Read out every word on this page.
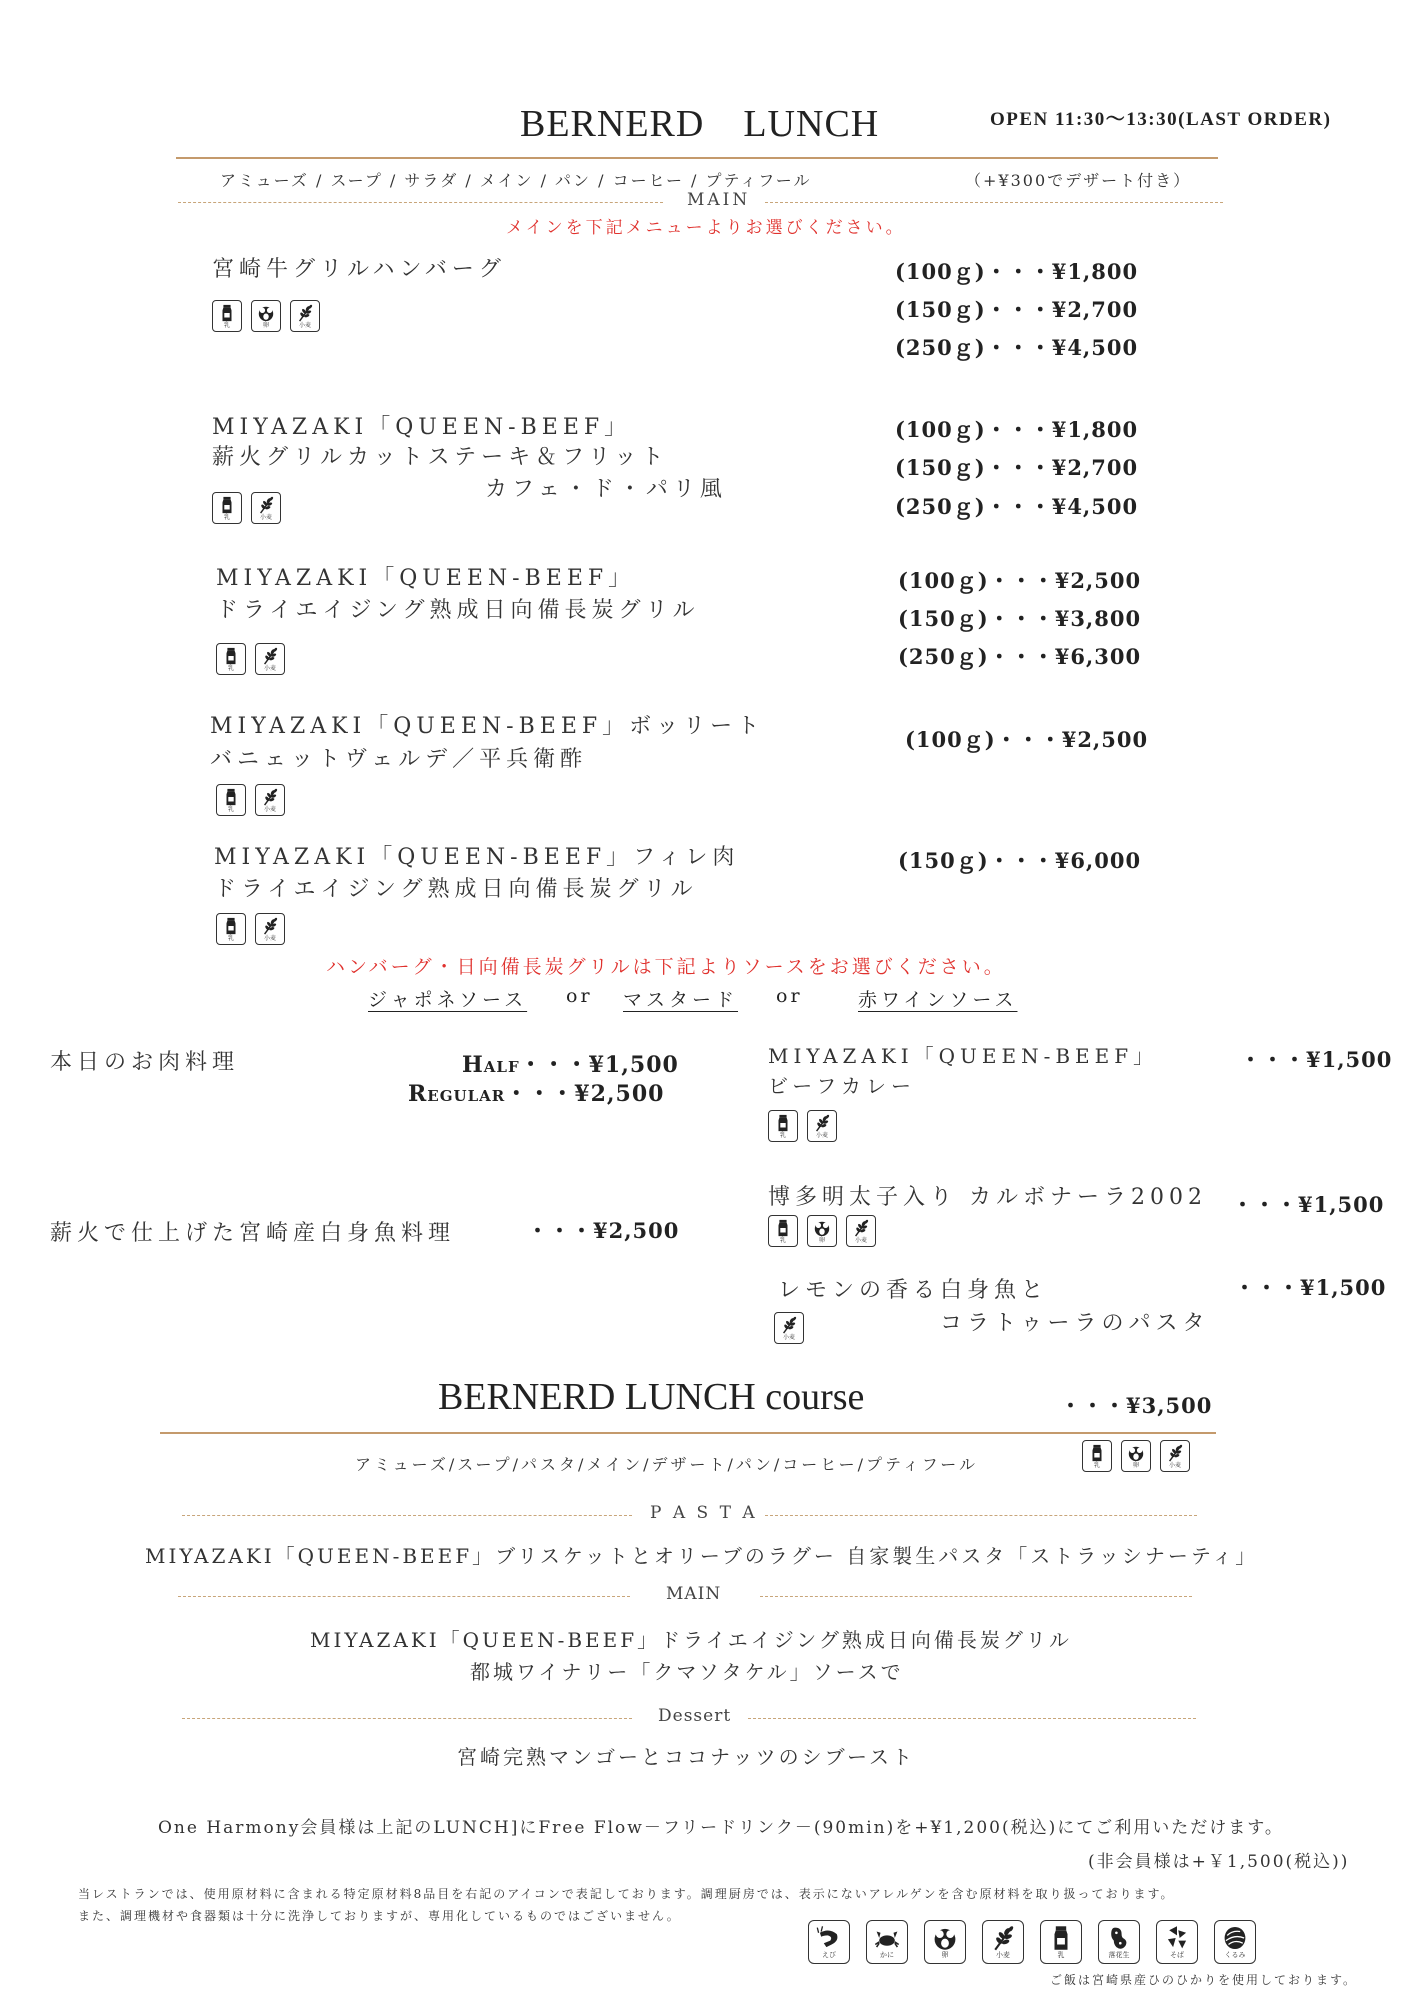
BERNERD　LUNCH	OPEN 11:30～13:30(LAST ORDER)
アミューズ / スープ / サラダ / メイン / パン / コーヒー / プティフール	（+¥300でデザート付き）
MAIN
メインを下記メニューよりお選びください。
宮崎牛グリルハンバーグ
乳	卵	小麦
(100ｇ)・・・¥1,800
(150ｇ)・・・¥2,700
(250ｇ)・・・¥4,500
MIYAZAKI「QUEEN-BEEF」
薪火グリルカットステーキ＆フリット
カフェ・ド・パリ風
乳	小麦
(100ｇ)・・・¥1,800
(150ｇ)・・・¥2,700
(250ｇ)・・・¥4,500
MIYAZAKI「QUEEN-BEEF」
ドライエイジング熟成日向備長炭グリル
乳	小麦
(100ｇ)・・・¥2,500
(150ｇ)・・・¥3,800
(250ｇ)・・・¥6,300
MIYAZAKI「QUEEN-BEEF」ボッリート
バニェットヴェルデ／平兵衛酢
乳	小麦
(100ｇ)・・・¥2,500
MIYAZAKI「QUEEN-BEEF」フィレ肉
ドライエイジング熟成日向備長炭グリル
乳	小麦
(150ｇ)・・・¥6,000
ハンバーグ・日向備長炭グリルは下記よりソースをお選びください。
ジャポネソース or マスタード or	赤ワインソース
本日のお肉料理	Half・・・¥1,500
Regular・・・¥2,500
薪火で仕上げた宮崎産白身魚料理	・・・¥2,500
MIYAZAKI「QUEEN-BEEF」
ビーフカレー
乳	小麦
・・・¥1,500
博多明太子入り カルボナーラ2002
乳	卵	小麦
・・・¥1,500
レモンの香る白身魚と
コラトゥーラのパスタ
小麦
・・・¥1,500
BERNERD LUNCH course	・・・¥3,500
アミューズ/スープ/パスタ/メイン/デザート/パン/コーヒー/プティフール	乳	卵	小麦
P A S T A
MIYAZAKI「QUEEN-BEEF」ブリスケットとオリーブのラグー 自家製生パスタ「ストラッシナーティ」
MAIN
MIYAZAKI「QUEEN-BEEF」ドライエイジング熟成日向備長炭グリル
都城ワイナリー「クマソタケル」ソースで
Dessert
宮崎完熟マンゴーとココナッツのシブースト
One Harmony会員様は上記のLUNCH]にFree Flow－フリードリンク－(90min)を+¥1,200(税込)にてご利用いただけます。
(非会員様は+￥1,500(税込))
当レストランでは、使用原材料に含まれる特定原材料8品目を右記のアイコンで表記しております。調理厨房では、表示にないアレルゲンを含む原材料を取り扱っております。
また、調理機材や食器類は十分に洗浄しておりますが、専用化しているものではございません。
えび	かに	卵	小麦	乳	落花生	そば	くるみ
ご飯は宮崎県産ひのひかりを使用しております。
